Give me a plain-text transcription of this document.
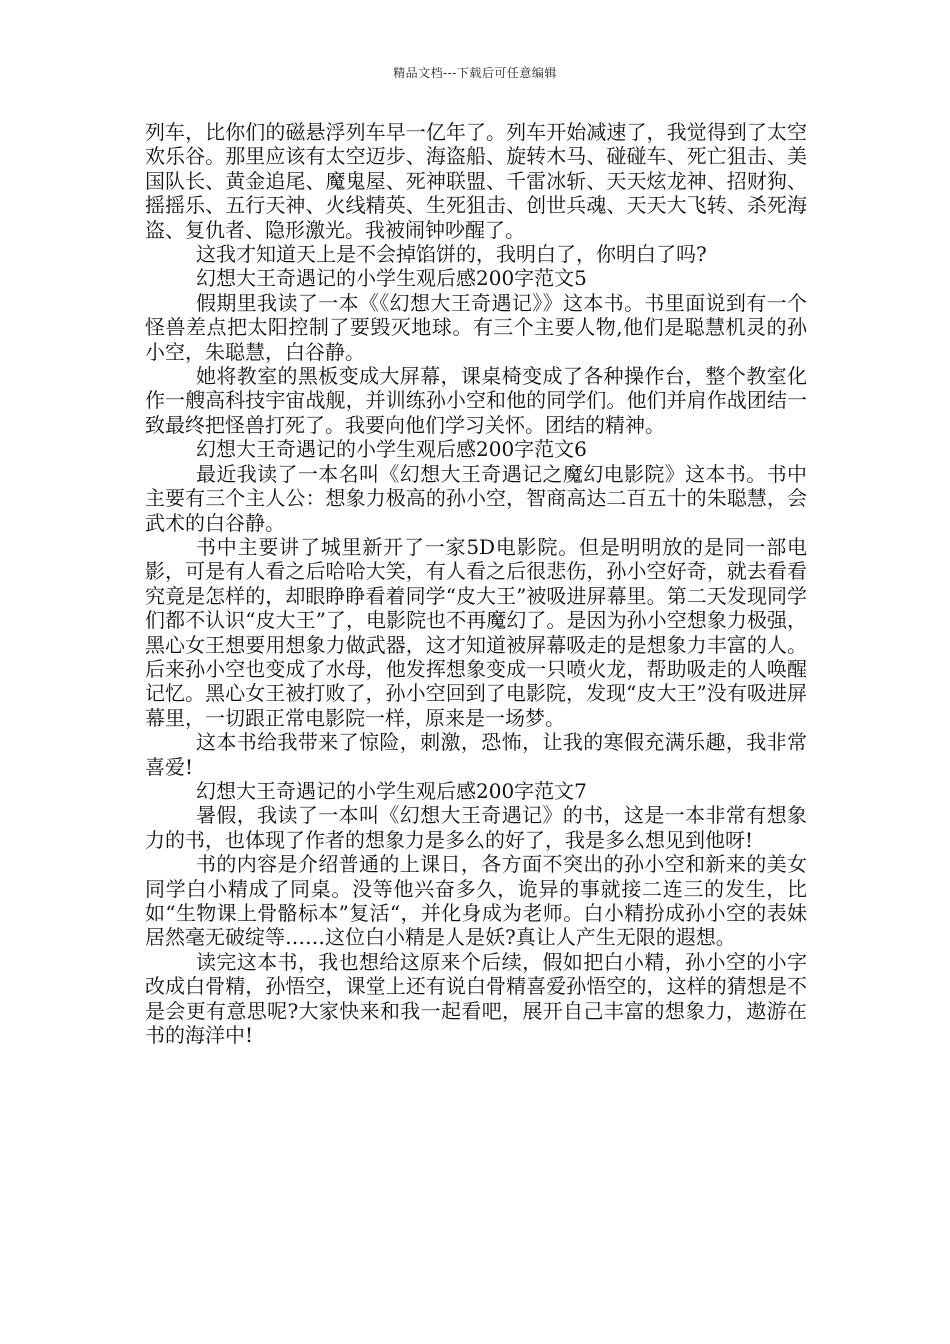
精品文档---下载后可任意编辑

列车，比你们的磁悬浮列车早一亿年了。列车开始减速了，我觉得到了太空欢乐谷。那里应该有太空迈步、海盗船、旋转木马、碰碰车、死亡狙击、美国队长、黄金追尾、魔鬼屋、死神联盟、千雷冰斩、天天炫龙神、招财狗、摇摇乐、五行天神、火线精英、生死狙击、创世兵魂、天天大飞转、杀死海盗、复仇者、隐形激光。我被闹钟吵醒了。

这我才知道天上是不会掉馅饼的，我明白了，你明白了吗?

幻想大王奇遇记的小学生观后感200字范文5

假期里我读了一本《《幻想大王奇遇记》》这本书。书里面说到有一个怪兽差点把太阳控制了要毁灭地球。有三个主要人物,他们是聪慧机灵的孙小空，朱聪慧，白谷静。

她将教室的黑板变成大屏幕，课桌椅变成了各种操作台，整个教室化作一艘高科技宇宙战舰，并训练孙小空和他的同学们。他们并肩作战团结一致最终把怪兽打死了。我要向他们学习关怀。团结的精神。

幻想大王奇遇记的小学生观后感200字范文6

最近我读了一本名叫《幻想大王奇遇记之魔幻电影院》这本书。书中主要有三个主人公：想象力极高的孙小空，智商高达二百五十的朱聪慧，会武术的白谷静。

书中主要讲了城里新开了一家5D电影院。但是明明放的是同一部电影，可是有人看之后哈哈大笑，有人看之后很悲伤，孙小空好奇，就去看看究竟是怎样的，却眼睁睁看着同学“皮大王”被吸进屏幕里。第二天发现同学们都不认识“皮大王”了，电影院也不再魔幻了。是因为孙小空想象力极强，黑心女王想要用想象力做武器，这才知道被屏幕吸走的是想象力丰富的人。后来孙小空也变成了水母，他发挥想象变成一只喷火龙，帮助吸走的人唤醒记忆。黑心女王被打败了，孙小空回到了电影院，发现“皮大王”没有吸进屏幕里，一切跟正常电影院一样，原来是一场梦。

这本书给我带来了惊险，刺激，恐怖，让我的寒假充满乐趣，我非常喜爱!

幻想大王奇遇记的小学生观后感200字范文7

暑假，我读了一本叫《幻想大王奇遇记》的书，这是一本非常有想象力的书，也体现了作者的想象力是多么的好了，我是多么想见到他呀!

书的内容是介绍普通的上课日，各方面不突出的孙小空和新来的美女同学白小精成了同桌。没等他兴奋多久，诡异的事就接二连三的发生，比如“生物课上骨骼标本”复活“，并化身成为老师。白小精扮成孙小空的表妹居然毫无破绽等……这位白小精是人是妖?真让人产生无限的遐想。

读完这本书，我也想给这原来个后续，假如把白小精，孙小空的小字改成白骨精，孙悟空，课堂上还有说白骨精喜爱孙悟空的，这样的猜想是不是会更有意思呢?大家快来和我一起看吧，展开自己丰富的想象力，遨游在书的海洋中!
